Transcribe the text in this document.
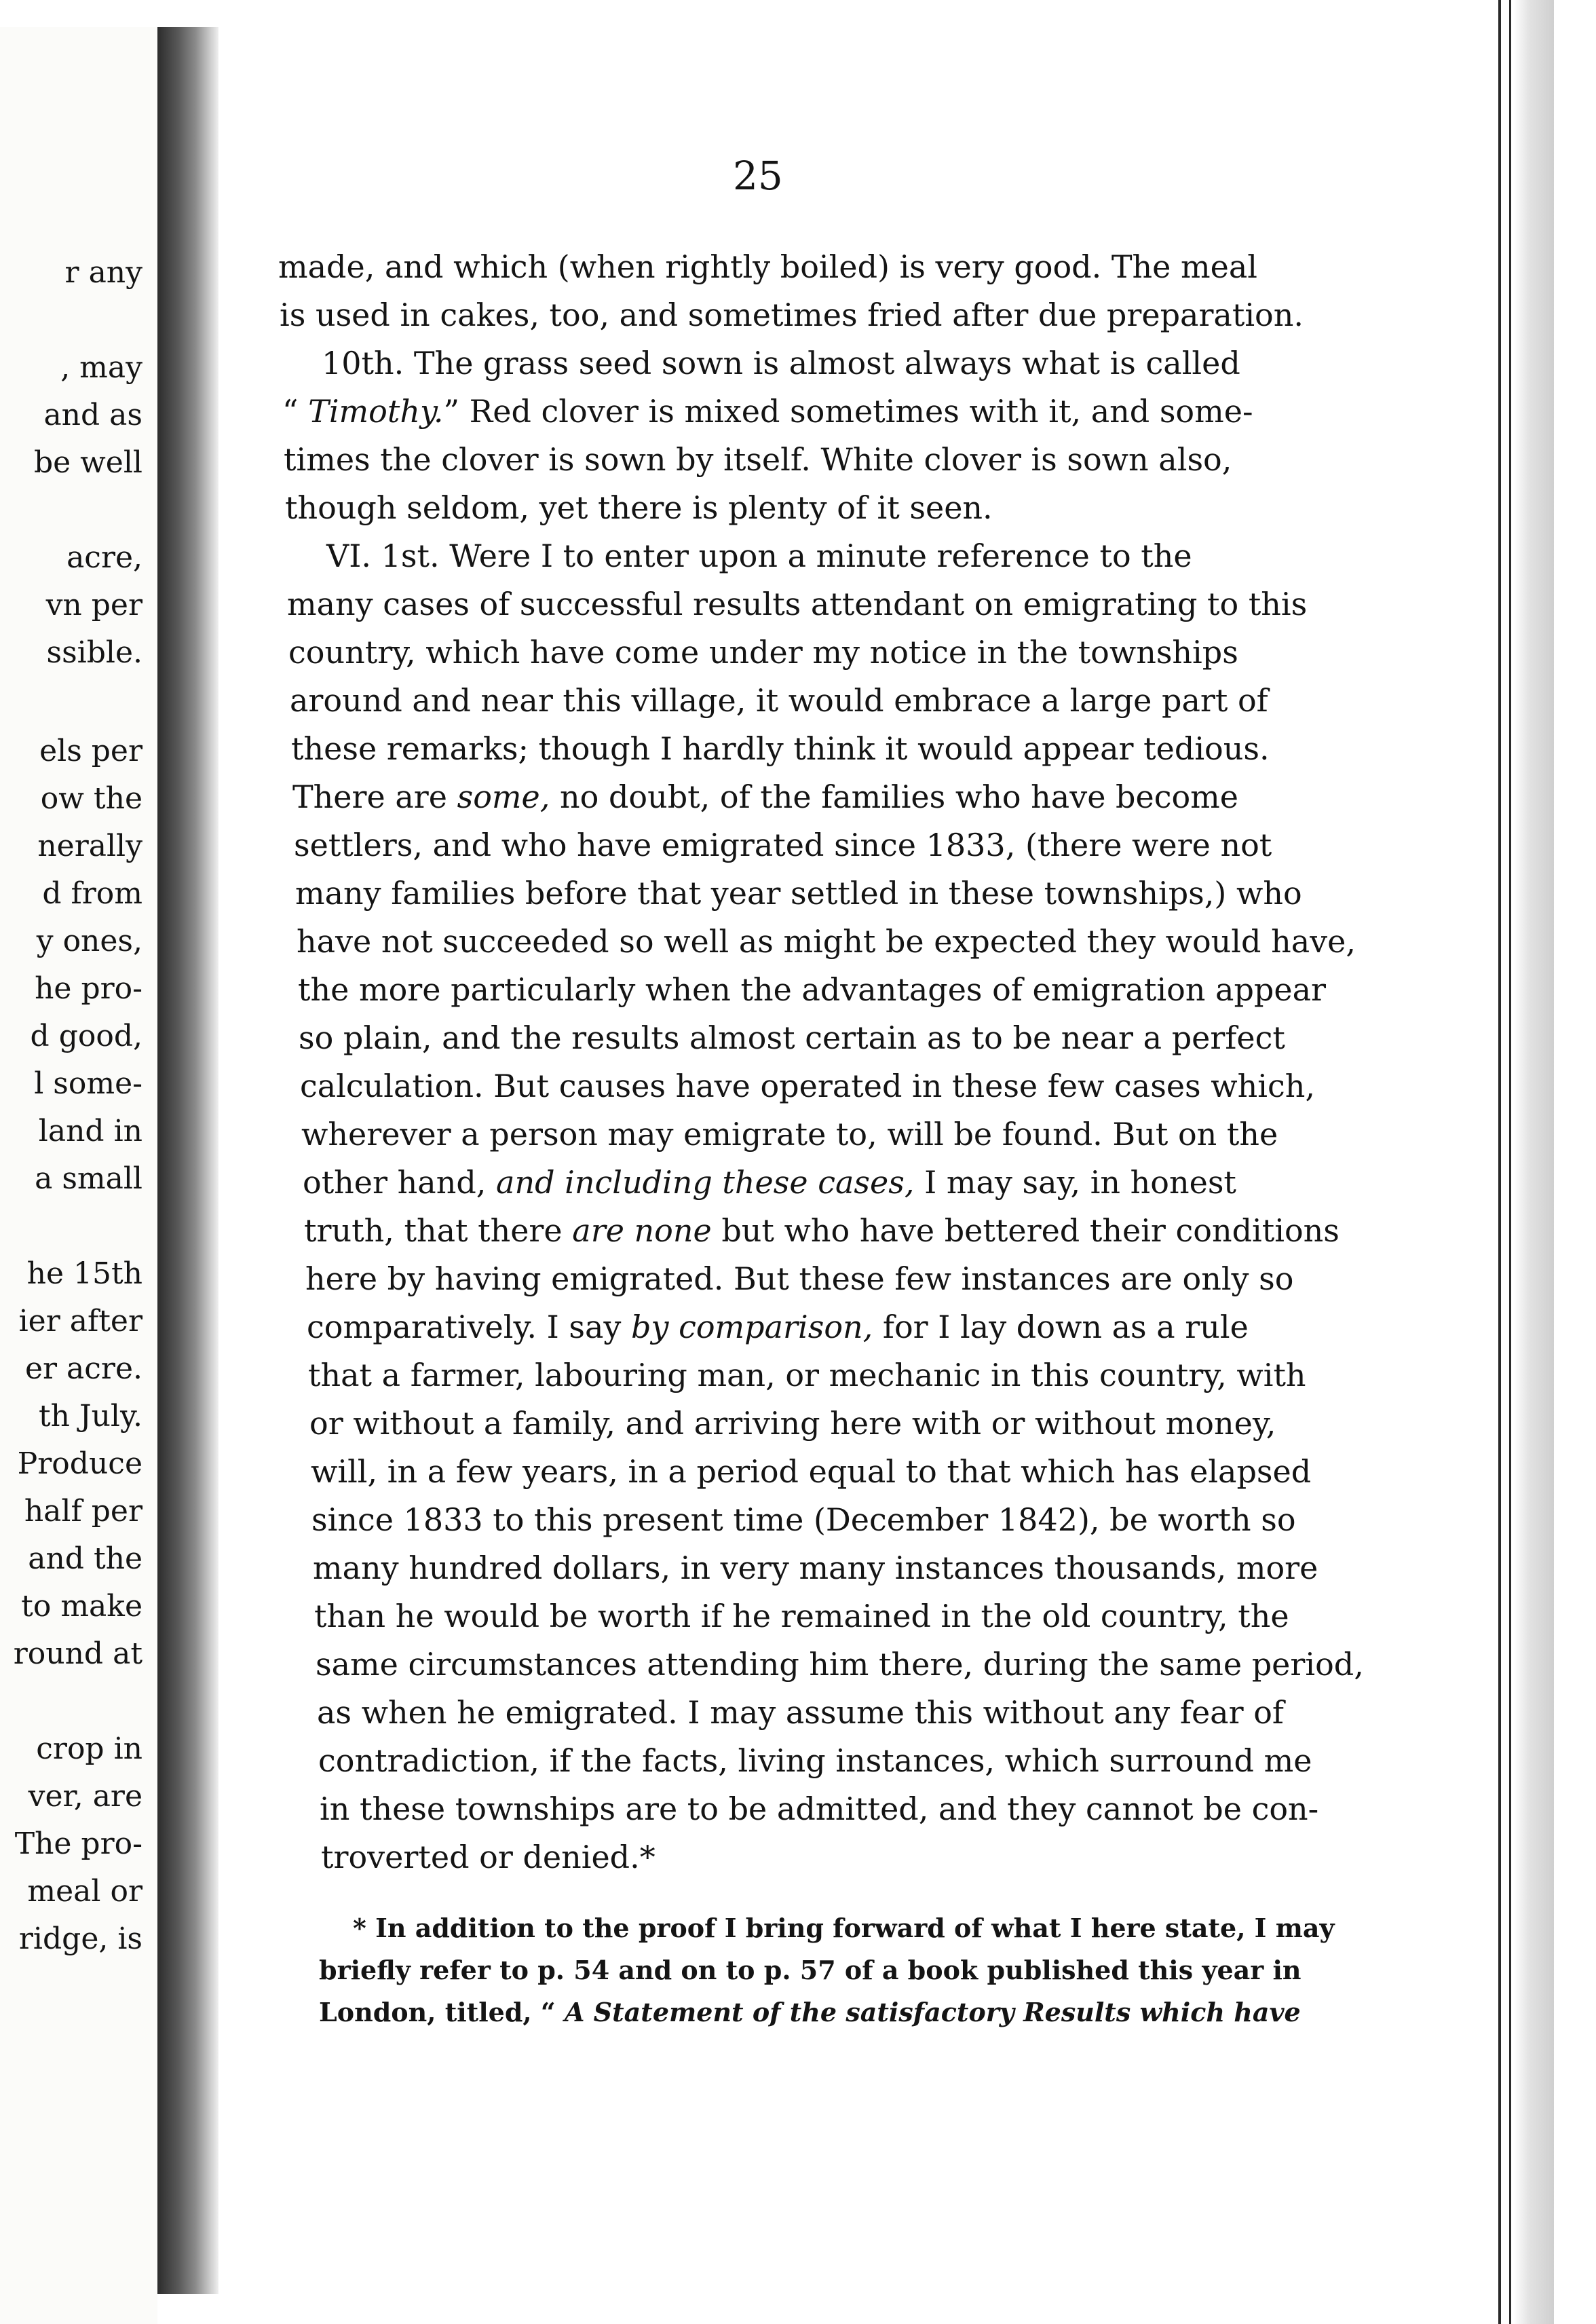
r any
, may
and as
be well
acre,
vn per
ssible.
els per
ow the
nerally
d from
y ones,
he pro-
d good,
l some-
land in
a small
he 15th
ier after
er acre.
th July.
Produce
half per
and the
to make
round at
crop in
ver, are
The pro-
meal or
ridge, is
25
made, and which (when rightly boiled) is very good. The meal
is used in cakes, too, and sometimes fried after due preparation.
10th. The grass seed sown is almost always what is called
“ Timothy.” Red clover is mixed sometimes with it, and some-
times the clover is sown by itself. White clover is sown also,
though seldom, yet there is plenty of it seen.
VI. 1st. Were I to enter upon a minute reference to the
many cases of successful results attendant on emigrating to this
country, which have come under my notice in the townships
around and near this village, it would embrace a large part of
these remarks; though I hardly think it would appear tedious.
There are some, no doubt, of the families who have become
settlers, and who have emigrated since 1833, (there were not
many families before that year settled in these townships,) who
have not succeeded so well as might be expected they would have,
the more particularly when the advantages of emigration appear
so plain, and the results almost certain as to be near a perfect
calculation. But causes have operated in these few cases which,
wherever a person may emigrate to, will be found. But on the
other hand, and including these cases, I may say, in honest
truth, that there are none but who have bettered their conditions
here by having emigrated. But these few instances are only so
comparatively. I say by comparison, for I lay down as a rule
that a farmer, labouring man, or mechanic in this country, with
or without a family, and arriving here with or without money,
will, in a few years, in a period equal to that which has elapsed
since 1833 to this present time (December 1842), be worth so
many hundred dollars, in very many instances thousands, more
than he would be worth if he remained in the old country, the
same circumstances attending him there, during the same period,
as when he emigrated. I may assume this without any fear of
contradiction, if the facts, living instances, which surround me
in these townships are to be admitted, and they cannot be con-
troverted or denied.*
* In addition to the proof I bring forward of what I here state, I may
briefly refer to p. 54 and on to p. 57 of a book published this year in
London, titled, “ A Statement of the satisfactory Results which have
